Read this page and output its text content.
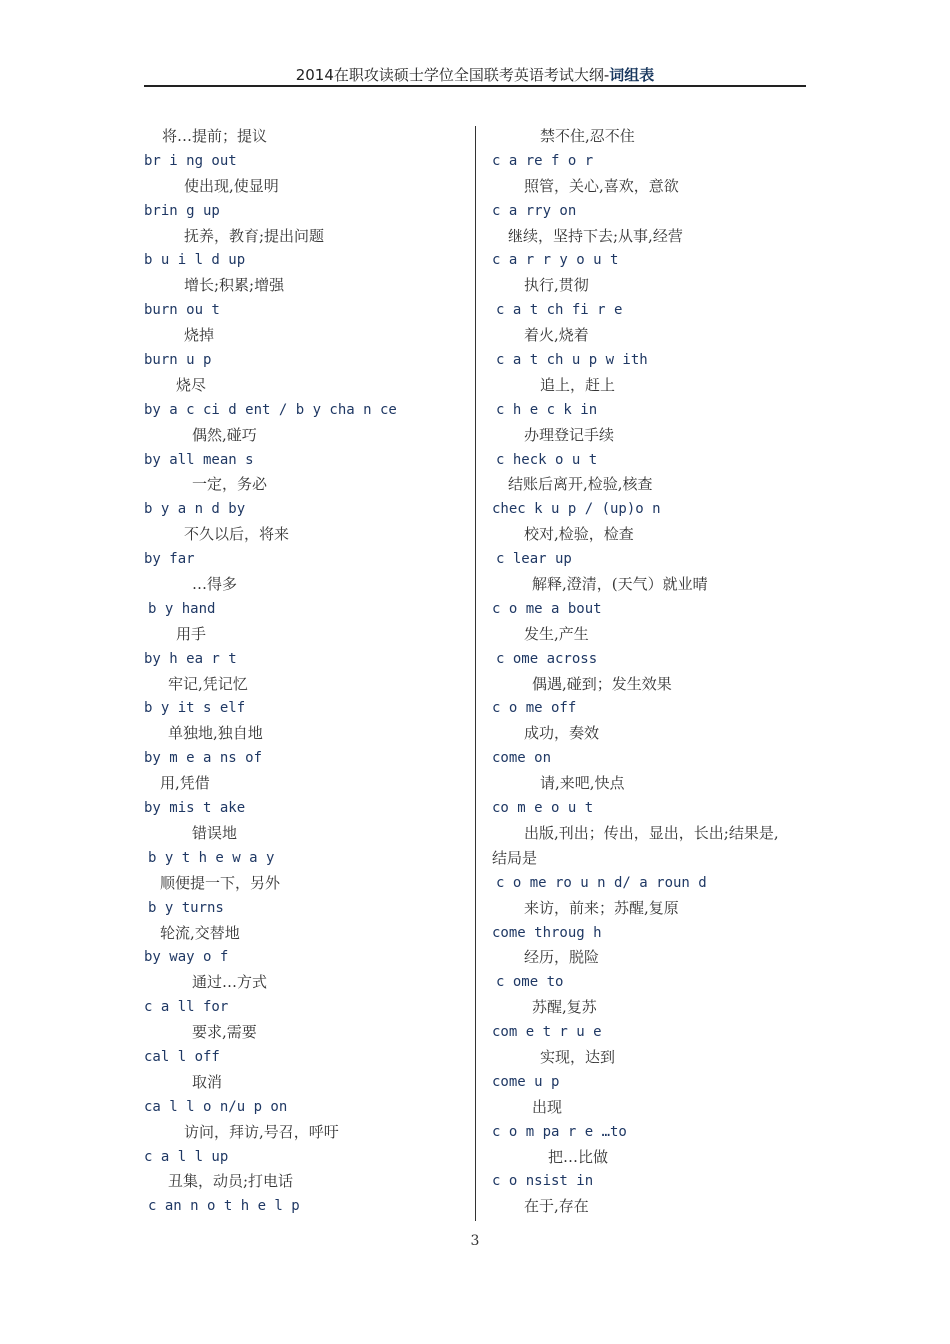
2014在职攻读硕士学位全国联考英语考试大纲-词组表
将…提前；提议
br i ng out
使出现,使显明
brin g up
抚养，教育;提出问题
b u i l d up
增长;积累;增强
burn ou t
烧掉
burn u p
烧尽
by a c ci d ent / b y cha n ce
偶然,碰巧
by all mean s
一定，务必
b y a n d by
不久以后，将来
by far
…得多
b y hand
用手
by h ea r t
牢记,凭记忆
b y it s elf
单独地,独自地
by m e a ns of
用,凭借
by mis t ake
错误地
b y t h e w a y
顺便提一下，另外
b y turns
轮流,交替地
by way o f
通过…方式
c a ll for
要求,需要
cal l off
取消
ca l l o n/u p on
访问，拜访,号召，呼吁
c a l l up
丑集，动员;打电话
c an n o t h e l p
禁不住,忍不住
c a re f o r
照管，关心,喜欢，意欲
c a rry on
继续，坚持下去;从事,经营
c a r r y o u t
执行,贯彻
c a t ch fi r e
着火,烧着
c a t ch u p w ith
追上，赶上
c h e c k in
办理登记手续
c heck o u t
结账后离开,检验,核查
chec k u p / (up)o n
校对,检验，检查
c lear up
解释,澄清，(天气）就业晴
c o me a bout
发生,产生
c ome across
偶遇,碰到；发生效果
c o me off
成功，奏效
come on
请,来吧,快点
co m e o u t
出版,刊出；传出，显出，长出;结果是,
结局是
c o me ro u n d/ a roun d
来访，前来；苏醒,复原
come throug h
经历，脱险
c ome to
苏醒,复苏
com e t r u e
实现，达到
come u p
出现
c o m pa r e …to
把…比做
c o nsist in
在于,存在
3
